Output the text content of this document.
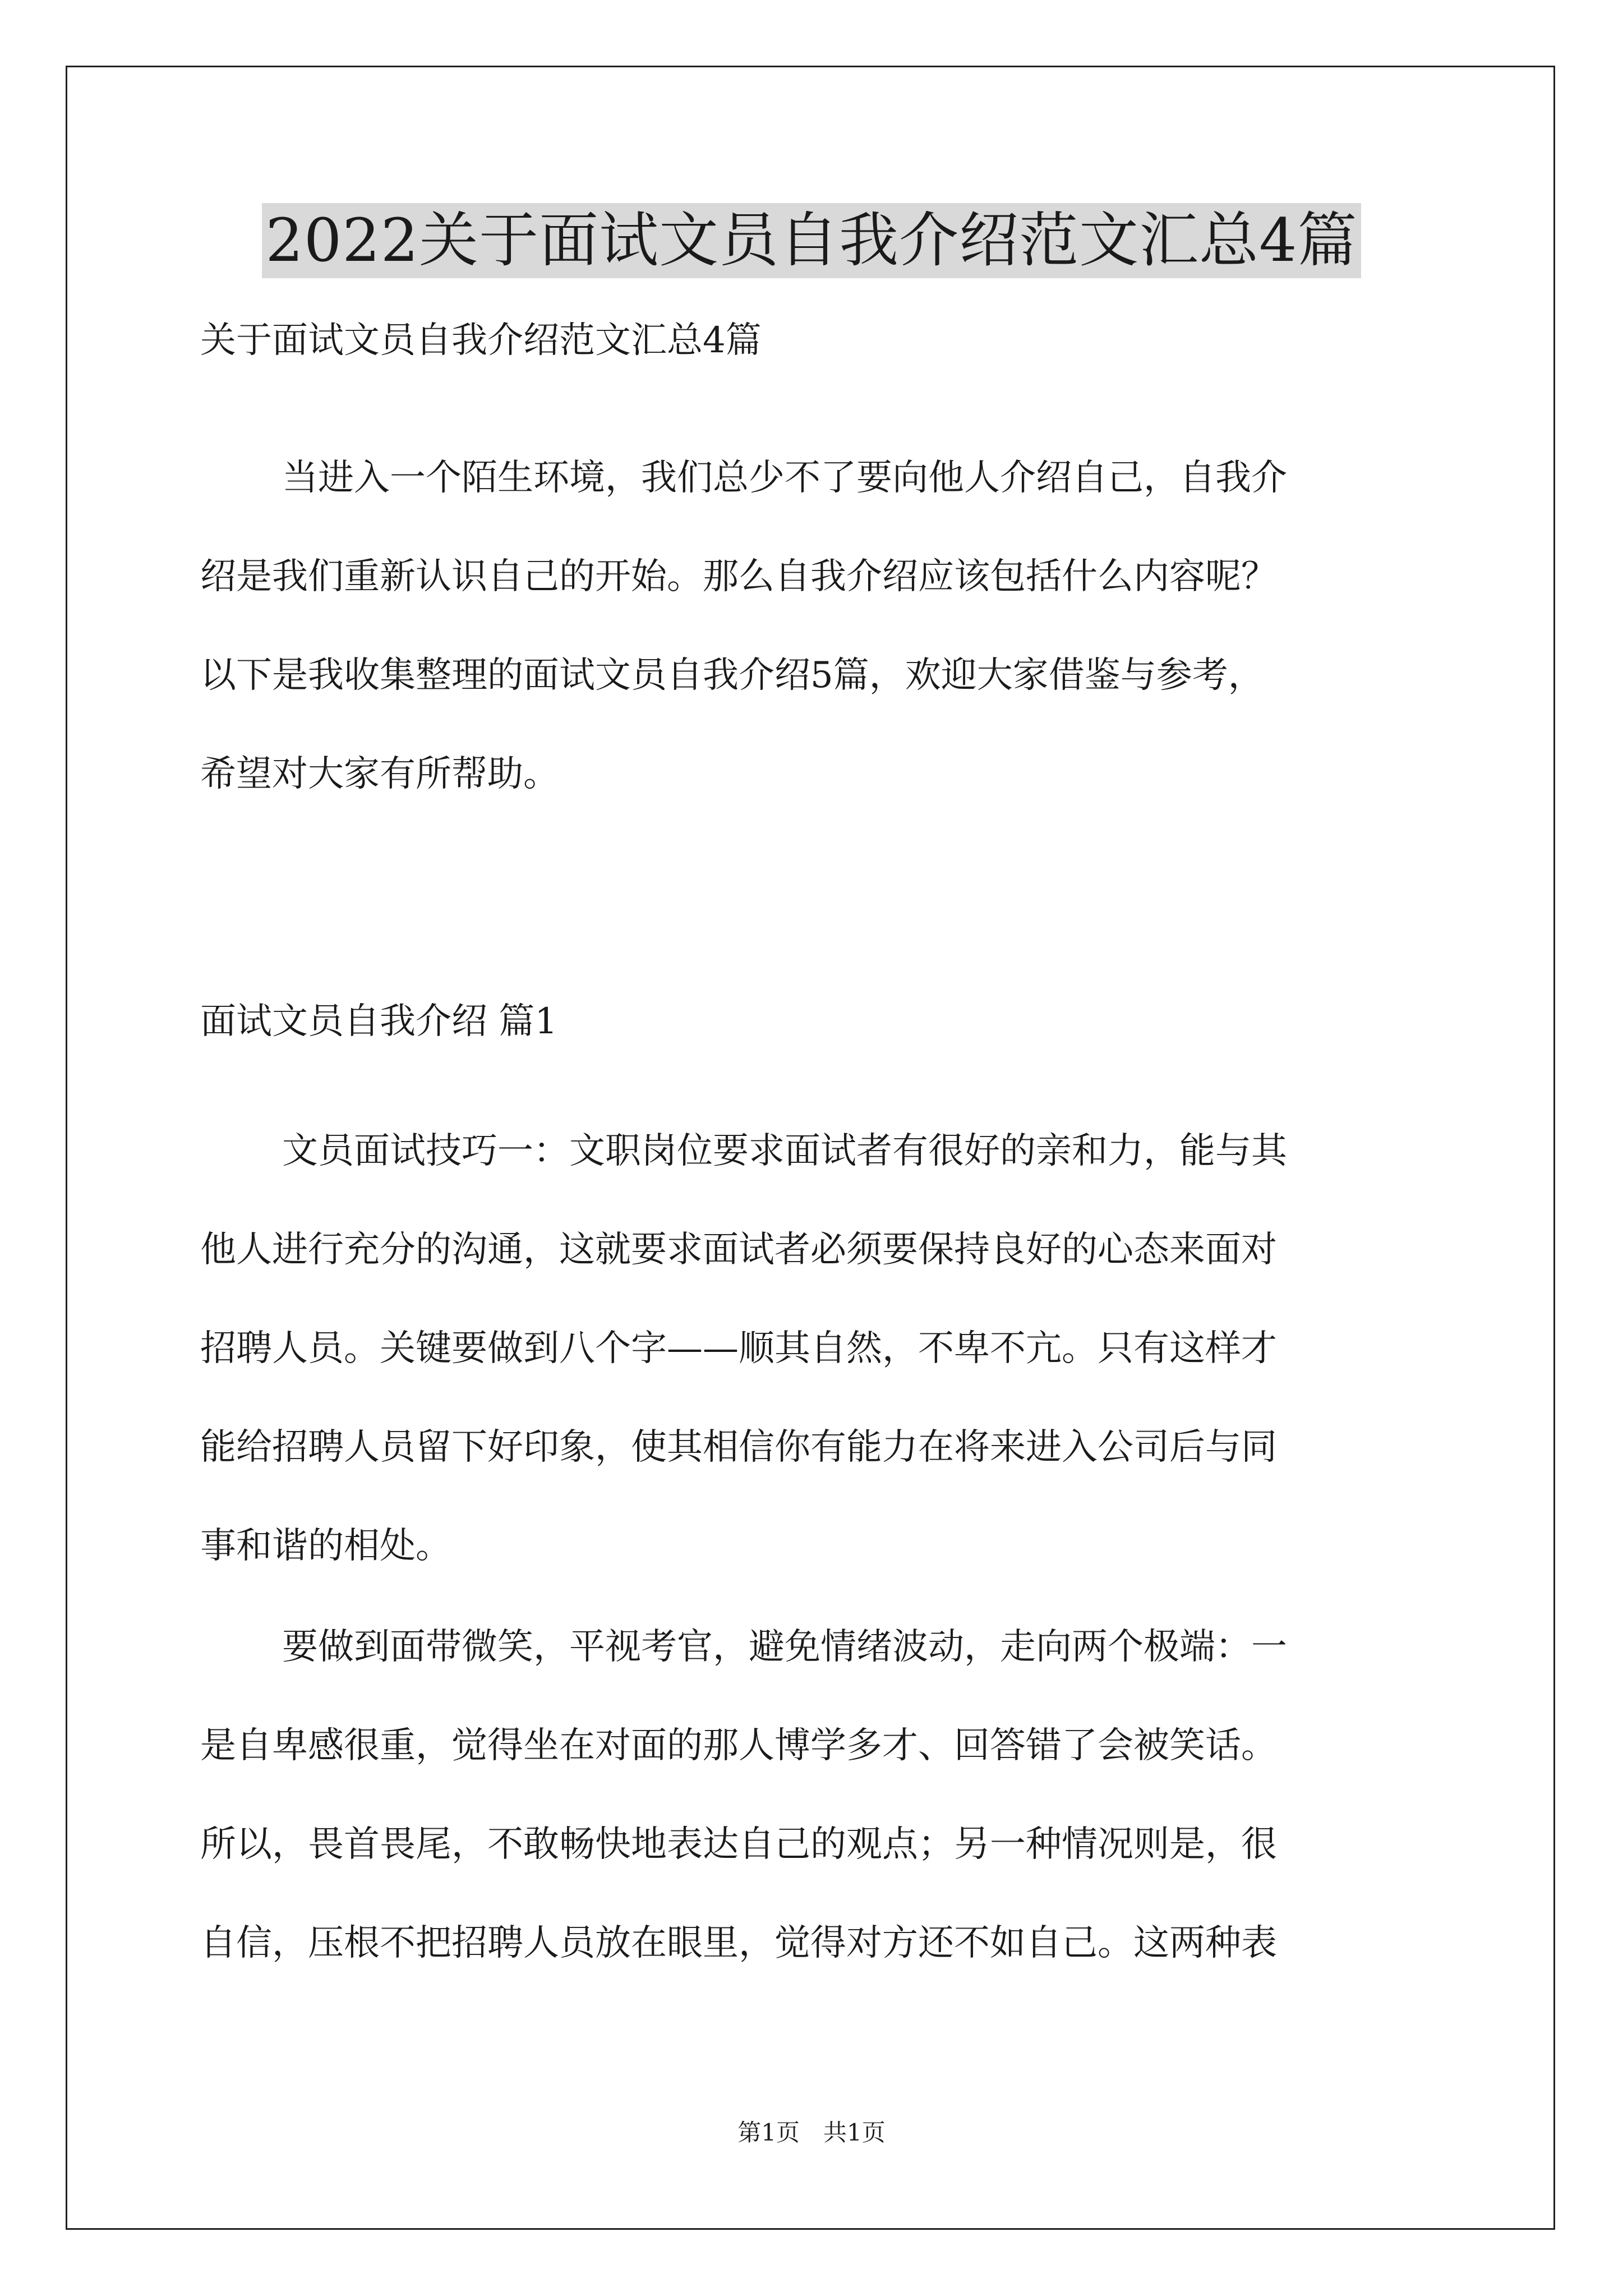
2022关于面试文员自我介绍范文汇总4篇
关于面试文员自我介绍范文汇总4篇

当进入一个陌生环境，我们总少不了要向他人介绍自己，自我介
绍是我们重新认识自己的开始。那么自我介绍应该包括什么内容呢？
以下是我收集整理的面试文员自我介绍5篇，欢迎大家借鉴与参考，
希望对大家有所帮助。

面试文员自我介绍 篇1

文员面试技巧一：文职岗位要求面试者有很好的亲和力，能与其
他人进行充分的沟通，这就要求面试者必须要保持良好的心态来面对
招聘人员。关键要做到八个字——顺其自然，不卑不亢。只有这样才
能给招聘人员留下好印象，使其相信你有能力在将来进入公司后与同
事和谐的相处。

要做到面带微笑，平视考官，避免情绪波动，走向两个极端：一
是自卑感很重，觉得坐在对面的那人博学多才、回答错了会被笑话。
所以，畏首畏尾，不敢畅快地表达自己的观点；另一种情况则是，很
自信，压根不把招聘人员放在眼里，觉得对方还不如自己。这两种表

第1页　共1页
